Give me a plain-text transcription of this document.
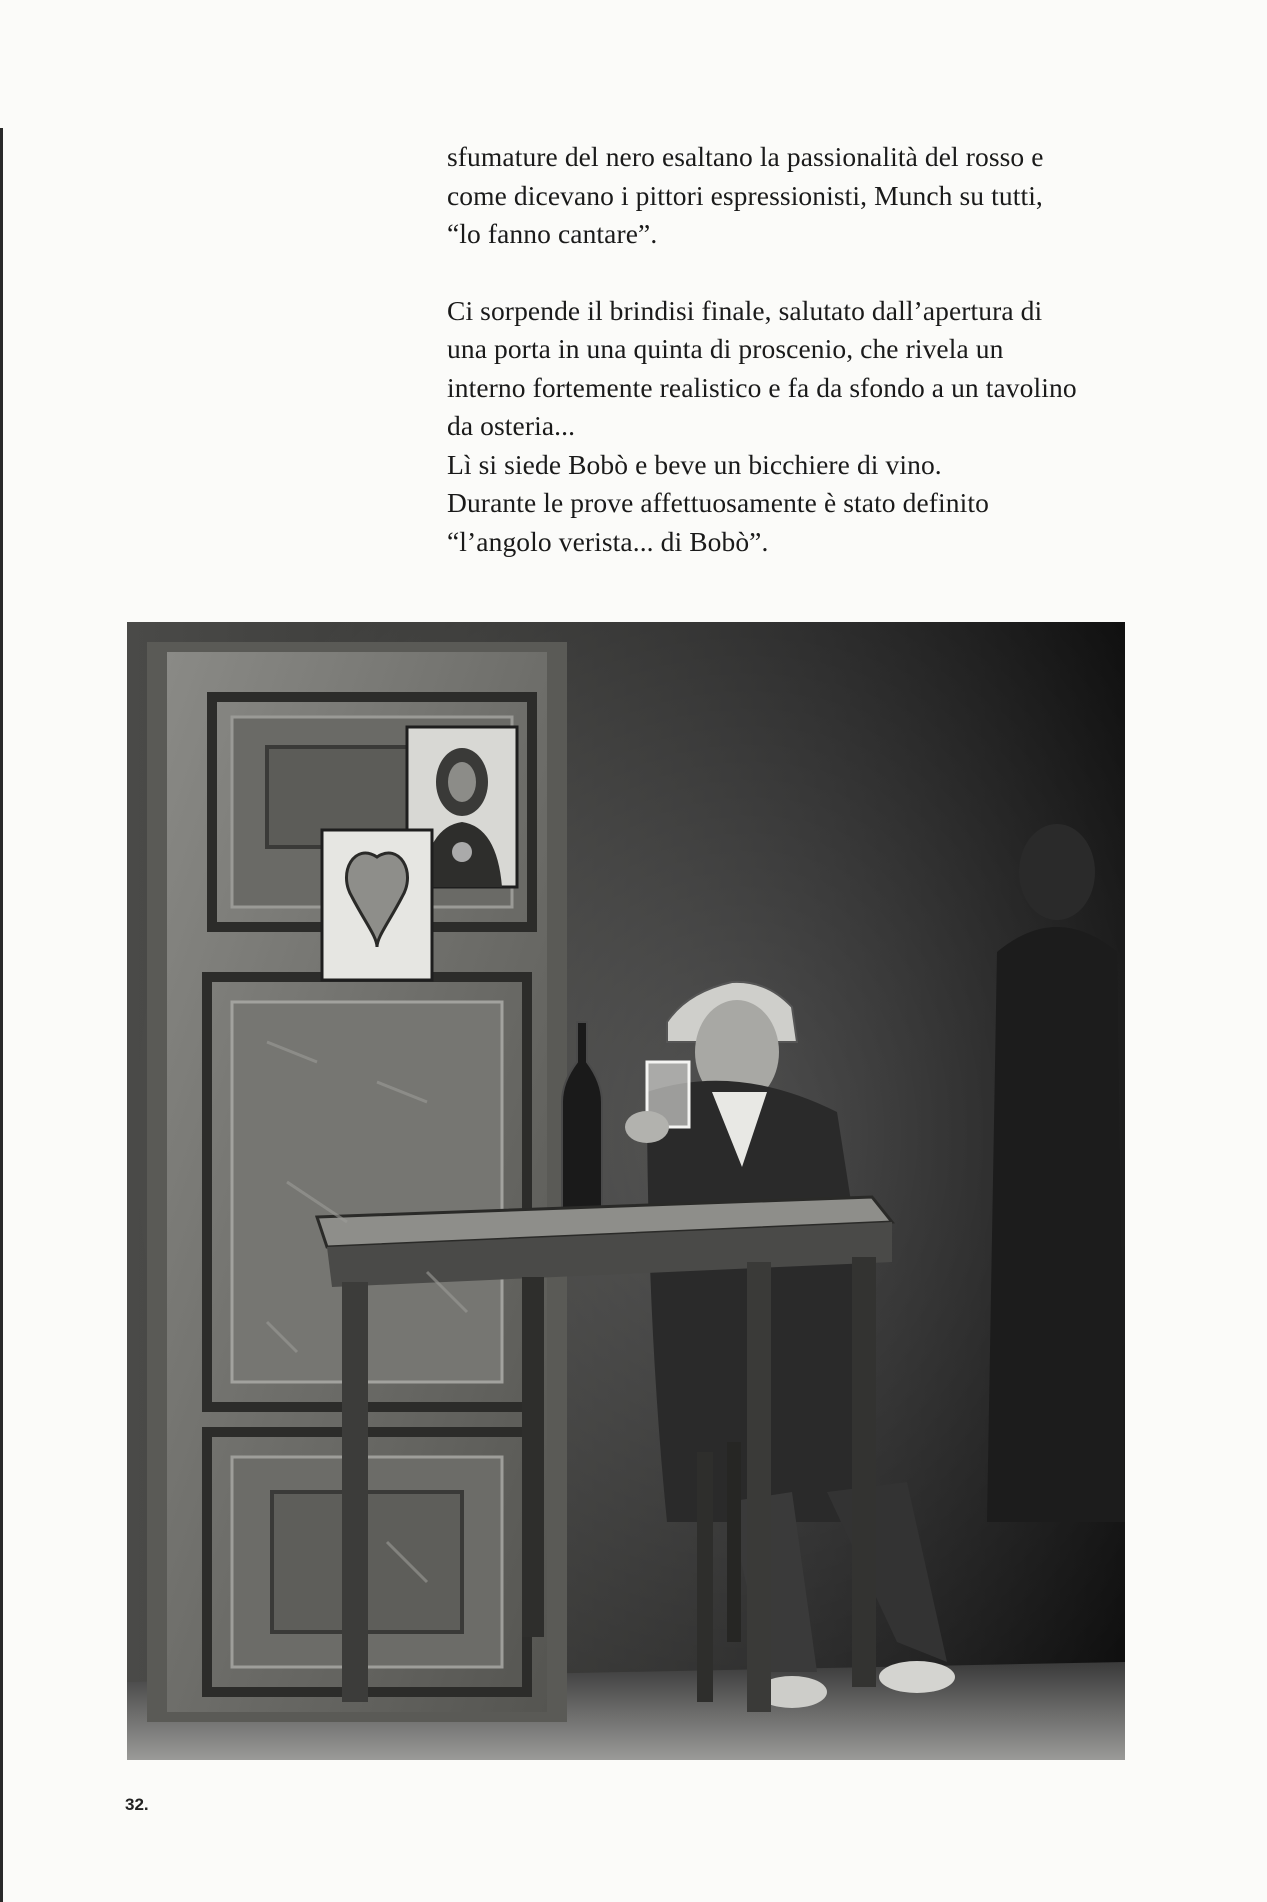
sfumature del nero esaltano la passionalità del rosso e
come dicevano i pittori espressionisti, Munch su tutti,
“lo fanno cantare”.

Ci sorpende il brindisi finale, salutato dall’apertura di
una porta in una quinta di proscenio, che rivela un
interno fortemente realistico e fa da sfondo a un tavolino
da osteria...
Lì si siede Bobò e beve un bicchiere di vino.
Durante le prove affettuosamente è stato definito
“l’angolo verista... di Bobò”.

32.
